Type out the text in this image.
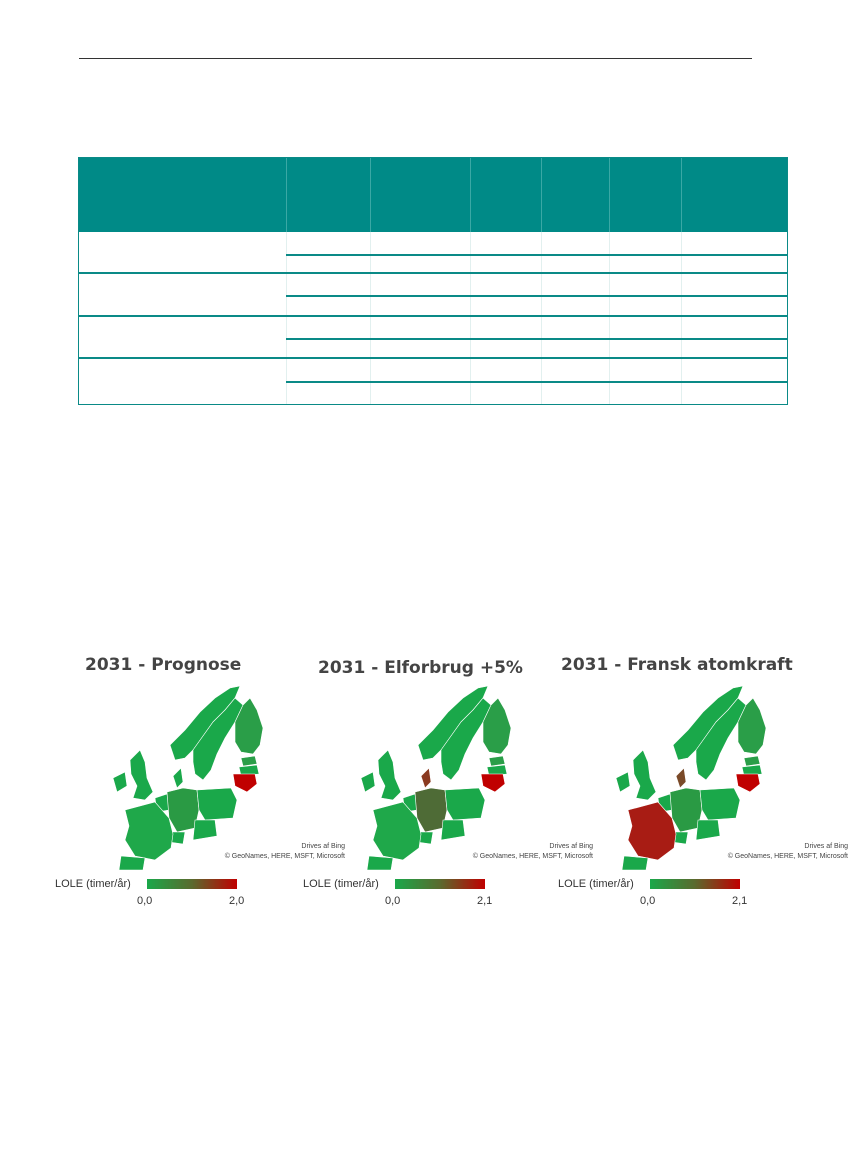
2031 - Prognose
Drives af Bing
© GeoNames, HERE, MSFT, Microsoft
LOLE (timer/år)
0,0	2,0
2031 - Elforbrug +5%
Drives af Bing
© GeoNames, HERE, MSFT, Microsoft
LOLE (timer/år)
0,0	2,1
2031 - Fransk atomkraft
Drives af Bing
© GeoNames, HERE, MSFT, Microsoft
LOLE (timer/år)
0,0	2,1
